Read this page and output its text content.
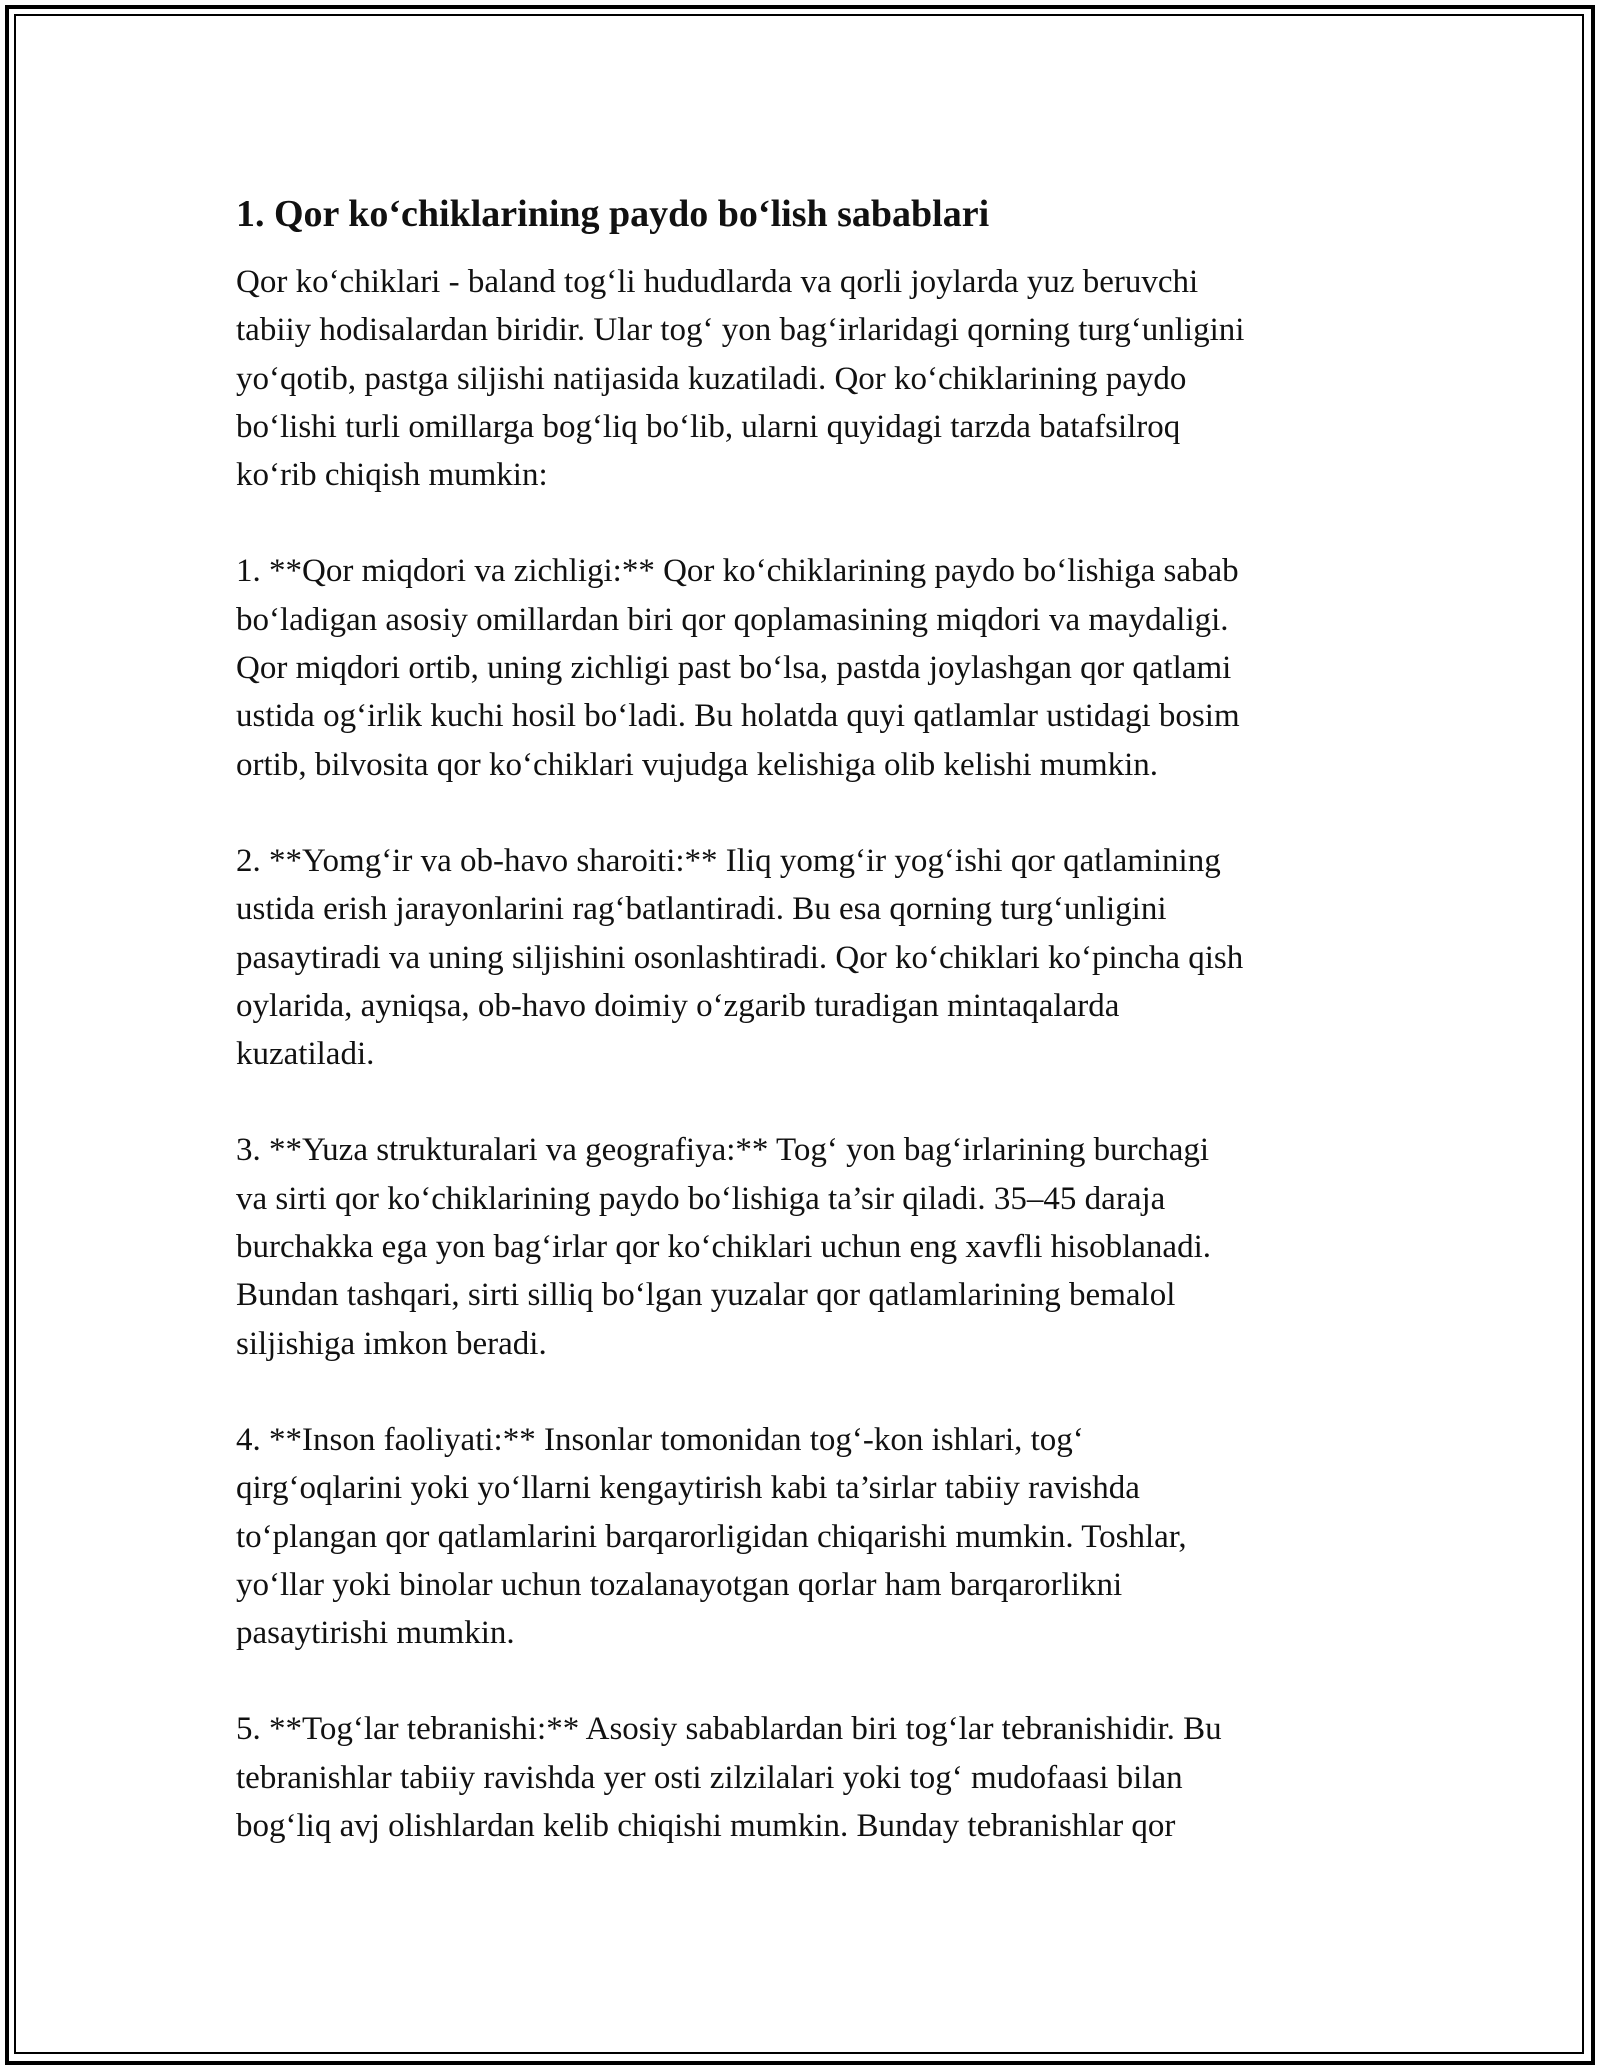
1. Qor ko‘chiklarining paydo bo‘lish sabablari

Qor ko‘chiklari - baland tog‘li hududlarda va qorli joylarda yuz beruvchi
tabiiy hodisalardan biridir. Ular tog‘ yon bag‘irlaridagi qorning turg‘unligini
yo‘qotib, pastga siljishi natijasida kuzatiladi. Qor ko‘chiklarining paydo
bo‘lishi turli omillarga bog‘liq bo‘lib, ularni quyidagi tarzda batafsilroq
ko‘rib chiqish mumkin:

1. **Qor miqdori va zichligi:** Qor ko‘chiklarining paydo bo‘lishiga sabab
bo‘ladigan asosiy omillardan biri qor qoplamasining miqdori va maydaligi.
Qor miqdori ortib, uning zichligi past bo‘lsa, pastda joylashgan qor qatlami
ustida og‘irlik kuchi hosil bo‘ladi. Bu holatda quyi qatlamlar ustidagi bosim
ortib, bilvosita qor ko‘chiklari vujudga kelishiga olib kelishi mumkin.

2. **Yomg‘ir va ob-havo sharoiti:** Iliq yomg‘ir yog‘ishi qor qatlamining
ustida erish jarayonlarini rag‘batlantiradi. Bu esa qorning turg‘unligini
pasaytiradi va uning siljishini osonlashtiradi. Qor ko‘chiklari ko‘pincha qish
oylarida, ayniqsa, ob-havo doimiy o‘zgarib turadigan mintaqalarda
kuzatiladi.

3. **Yuza strukturalari va geografiya:** Tog‘ yon bag‘irlarining burchagi
va sirti qor ko‘chiklarining paydo bo‘lishiga ta’sir qiladi. 35–45 daraja
burchakka ega yon bag‘irlar qor ko‘chiklari uchun eng xavfli hisoblanadi.
Bundan tashqari, sirti silliq bo‘lgan yuzalar qor qatlamlarining bemalol
siljishiga imkon beradi.

4. **Inson faoliyati:** Insonlar tomonidan tog‘-kon ishlari, tog‘
qirg‘oqlarini yoki yo‘llarni kengaytirish kabi ta’sirlar tabiiy ravishda
to‘plangan qor qatlamlarini barqarorligidan chiqarishi mumkin. Toshlar,
yo‘llar yoki binolar uchun tozalanayotgan qorlar ham barqarorlikni
pasaytirishi mumkin.

5. **Tog‘lar tebranishi:** Asosiy sabablardan biri tog‘lar tebranishidir. Bu
tebranishlar tabiiy ravishda yer osti zilzilalari yoki tog‘ mudofaasi bilan
bog‘liq avj olishlardan kelib chiqishi mumkin. Bunday tebranishlar qor
